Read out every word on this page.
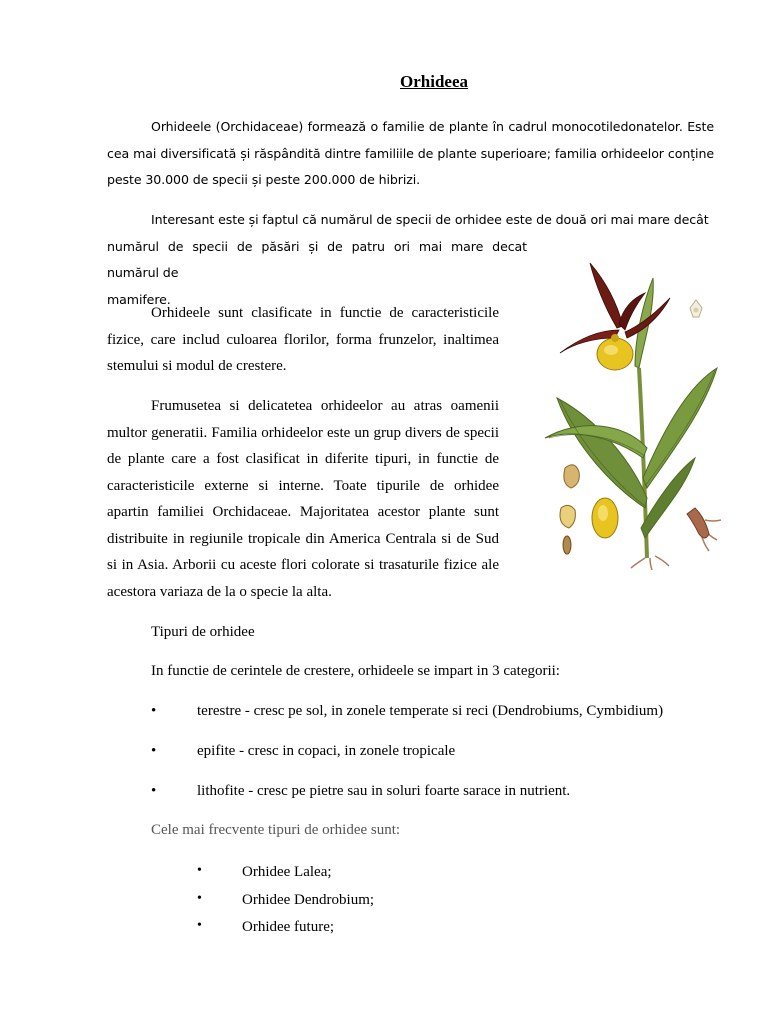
Orhideea

Orhideele (Orchidaceae) formează o familie de plante în cadrul monocotiledonatelor. Este cea mai diversificată și răspândită dintre familiile de plante superioare; familia orhideelor conține peste 30.000 de specii și peste 200.000 de hibrizi.

Interesant este și faptul că numărul de specii de orhidee este de două ori mai mare decât
numărul de specii de păsări și de patru ori mai mare decat numărul de
mamifere.

Orhideele sunt clasificate in functie de caracteristicile fizice, care includ culoarea florilor, forma frunzelor, inaltimea stemului si modul de crestere.

Frumusetea si delicatetea orhideelor au atras oamenii multor generatii. Familia orhideelor este un grup divers de specii de plante care a fost clasificat in diferite tipuri, in functie de caracteristicile externe si interne. Toate tipurile de orhidee apartin familiei Orchidaceae. Majoritatea acestor plante sunt distribuite in regiunile tropicale din America Centrala si de Sud si in Asia. Arborii cu aceste flori colorate si trasaturile fizice ale acestora variaza de la o specie la alta.

Tipuri de orhidee

In functie de cerintele de crestere, orhideele se impart in 3 categorii:

•	terestre - cresc pe sol, in zonele temperate si reci (Dendrobiums, Cymbidium)
•	epifite - cresc in copaci, in zonele tropicale
•	lithofite - cresc pe pietre sau in soluri foarte sarace in nutrient.

Cele mai frecvente tipuri de orhidee sunt:

•	Orhidee Lalea;
•	Orhidee Dendrobium;
•	Orhidee future;
